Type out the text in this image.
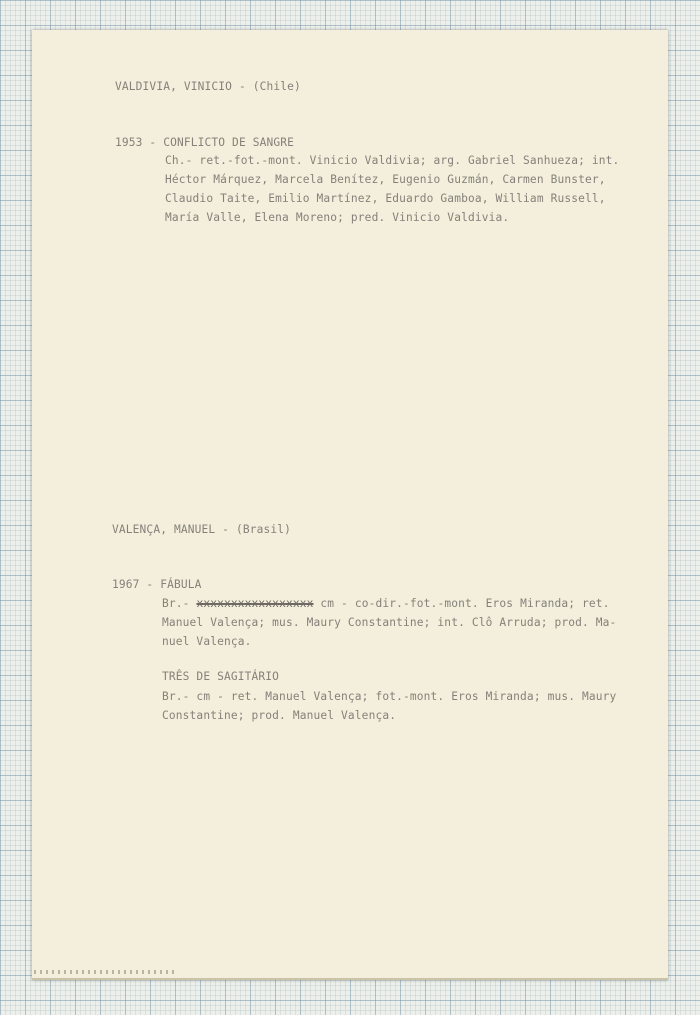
VALDIVIA, VINICIO - (Chile)

1953 - CONFLICTO DE SANGRE

Ch.- ret.-fot.-mont. Vinicio Valdivia; arg. Gabriel Sanhueza; int.

Héctor Márquez, Marcela Benítez, Eugenio Guzmán, Carmen Bunster,

Claudio Taite, Emilio Martínez, Eduardo Gamboa, William Russell,

María Valle, Elena Moreno; pred. Vinicio Valdivia.

VALENÇA, MANUEL - (Brasil)

1967 - FÁBULA

Br.- xxxxxxxxxxxxxxxxx cm - co-dir.-fot.-mont. Eros Miranda; ret.

Manuel Valença; mus. Maury Constantine; int. Clô Arruda; prod. Ma-

nuel Valença.

TRÊS DE SAGITÁRIO

Br.- cm - ret. Manuel Valença; fot.-mont. Eros Miranda; mus. Maury

Constantine; prod. Manuel Valença.
